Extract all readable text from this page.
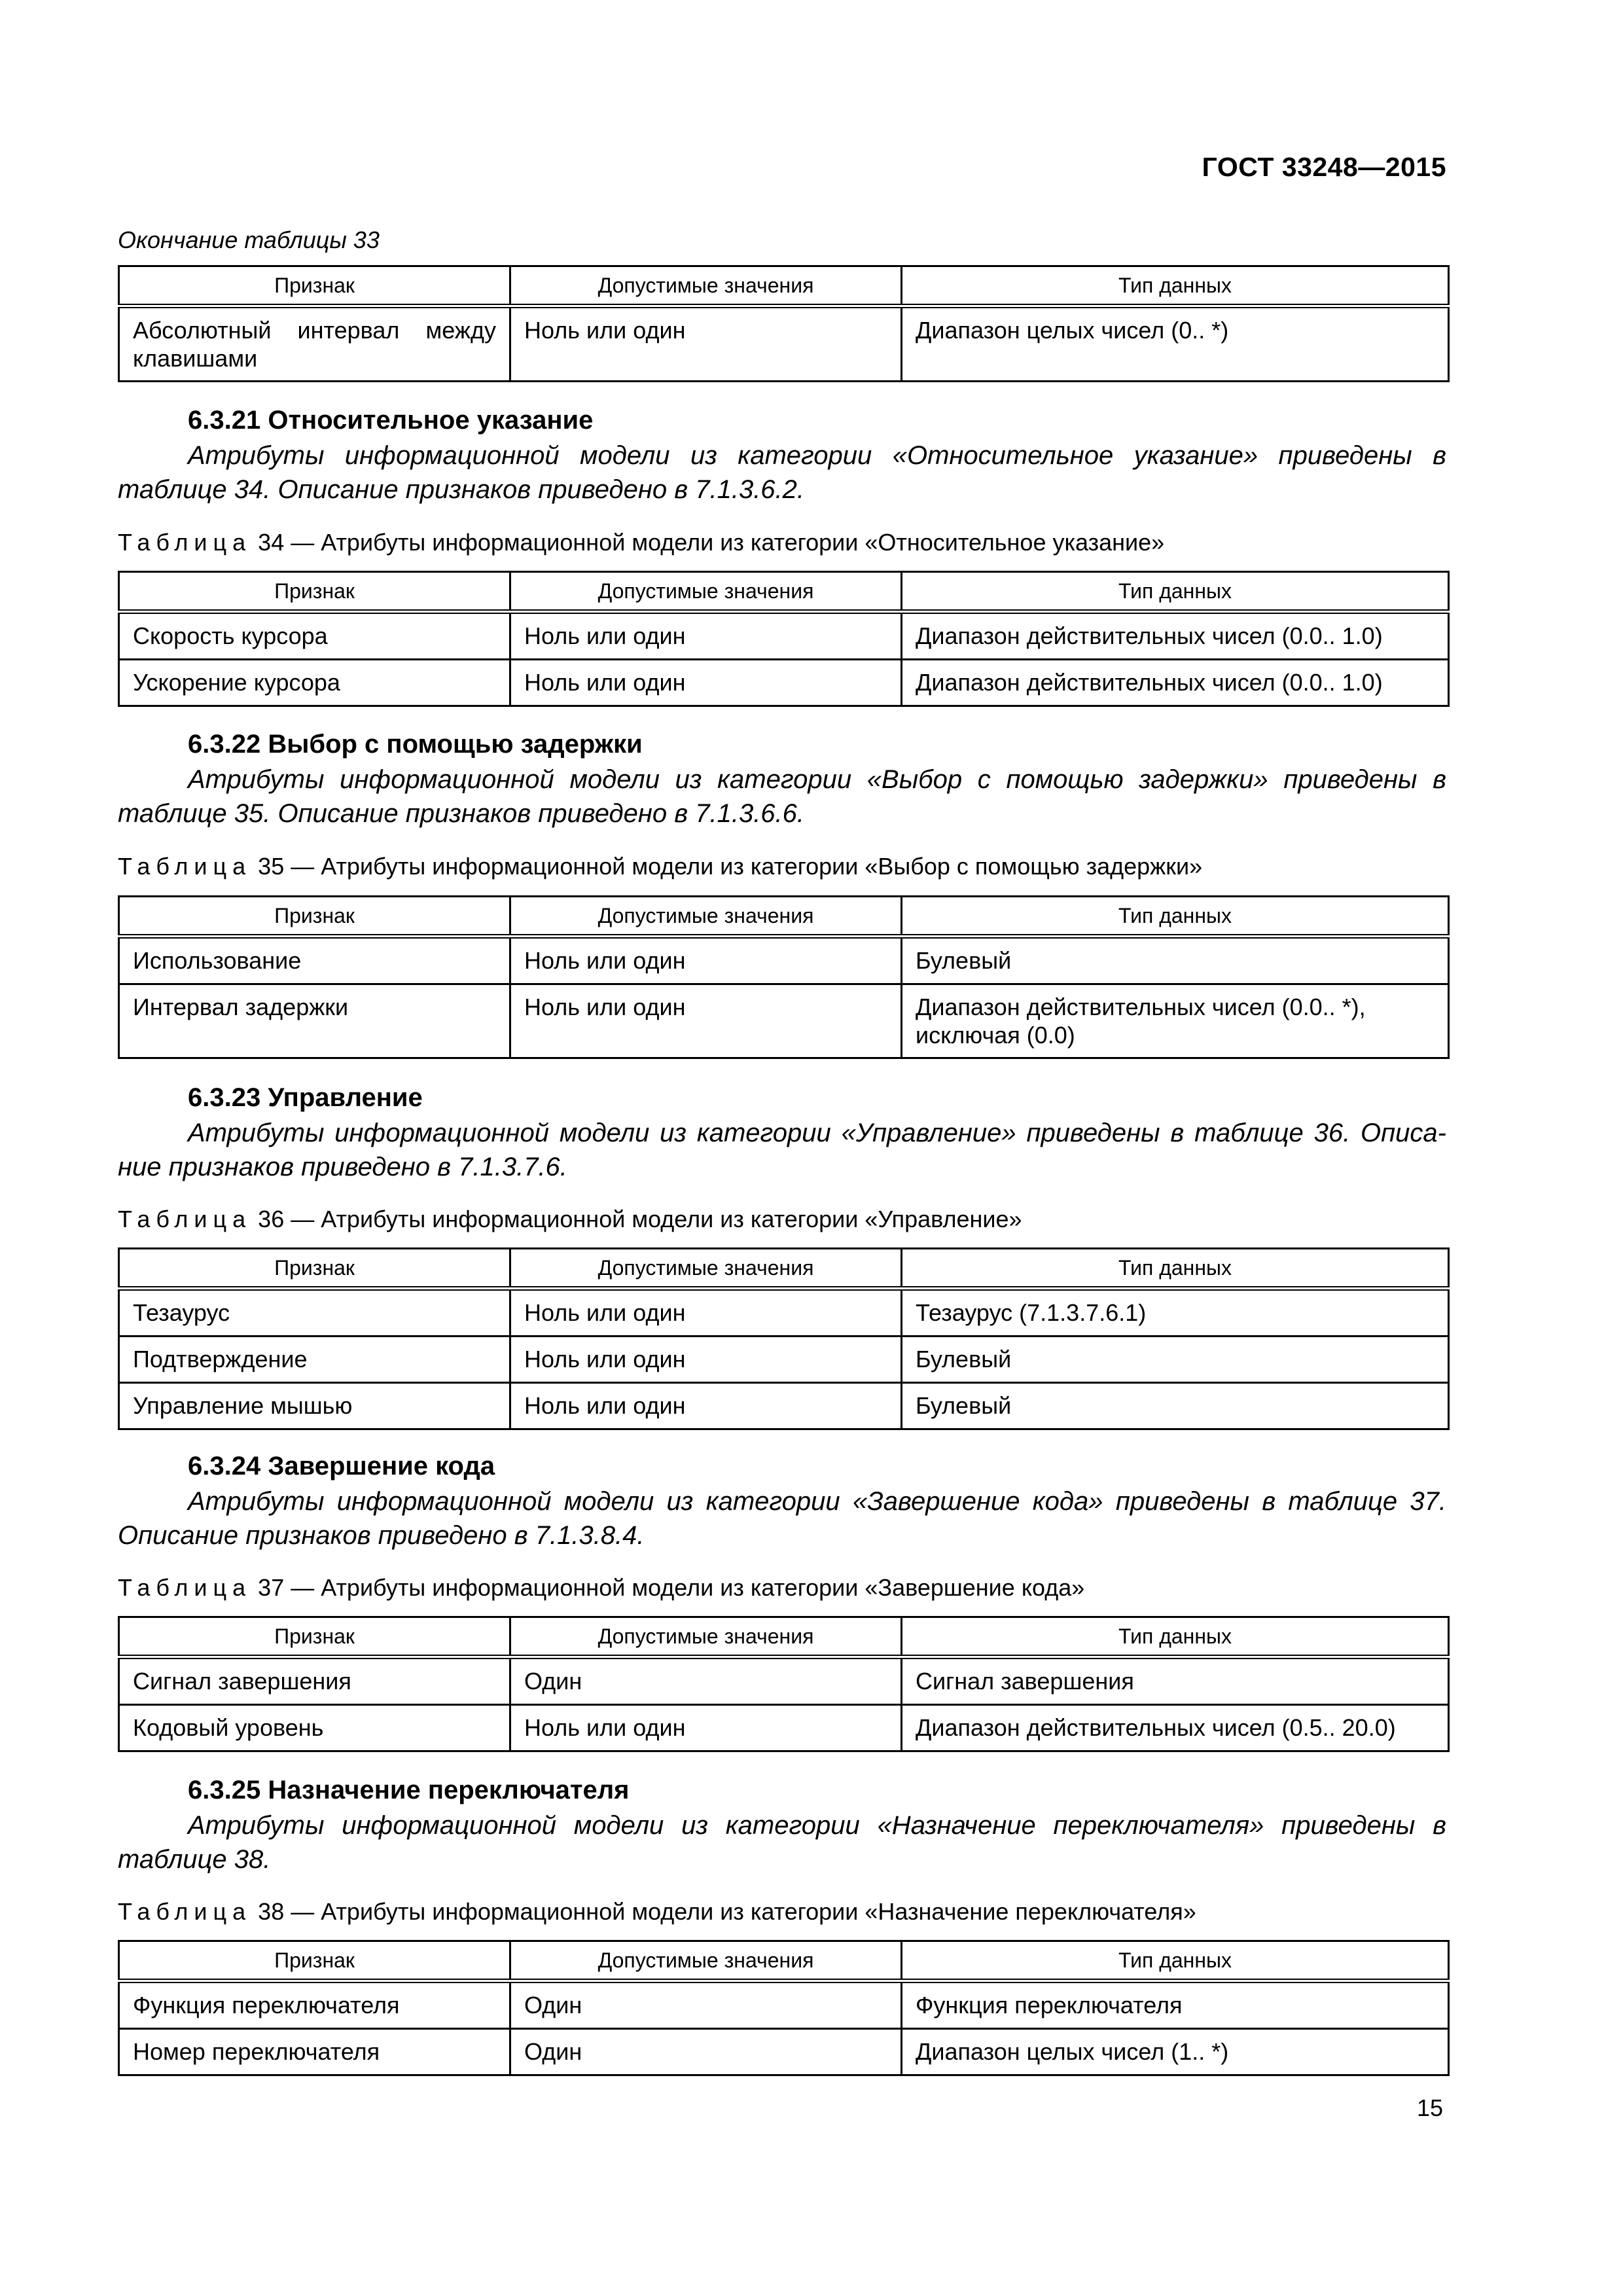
ГОСТ 33248—2015
Окончание таблицы 33
Признак	Допустимые значения	Тип данных

Абсолютный интервал между
клавишами	Ноль или один	Диапазон целых чисел (0.. *)
6.3.21 Относительное указание
Атрибуты информационной модели из категории «Относительное указание» приведены в таблице 34. Описание признаков приведено в 7.1.3.6.2.
Таблица 34 — Атрибуты информационной модели из категории «Относительное указание»
Признак	Допустимые значения	Тип данных
Скорость курсора	Ноль или один	Диапазон действительных чисел (0.0.. 1.0)
Ускорение курсора	Ноль или один	Диапазон действительных чисел (0.0.. 1.0)
6.3.22 Выбор с помощью задержки
Атрибуты информационной модели из категории «Выбор с помощью задержки» приведены в таблице 35. Описание признаков приведено в 7.1.3.6.6.
Таблица 35 — Атрибуты информационной модели из категории «Выбор с помощью задержки»
Признак	Допустимые значения	Тип данных
Использование	Ноль или один	Булевый
Интервал задержки	Ноль или один	Диапазон действительных чисел (0.0.. *),
исключая (0.0)
6.3.23 Управление
Атрибуты информационной модели из категории «Управление» приведены в таблице 36. Описа-ние признаков приведено в 7.1.3.7.6.
Таблица 36 — Атрибуты информационной модели из категории «Управление»
Признак	Допустимые значения	Тип данных
Тезаурус	Ноль или один	Тезаурус (7.1.3.7.6.1)
Подтверждение	Ноль или один	Булевый
Управление мышью	Ноль или один	Булевый
6.3.24 Завершение кода
Атрибуты информационной модели из категории «Завершение кода» приведены в таблице 37. Описание признаков приведено в 7.1.3.8.4.
Таблица 37 — Атрибуты информационной модели из категории «Завершение кода»
Признак	Допустимые значения	Тип данных
Сигнал завершения	Один	Сигнал завершения
Кодовый уровень	Ноль или один	Диапазон действительных чисел (0.5.. 20.0)
6.3.25 Назначение переключателя
Атрибуты информационной модели из категории «Назначение переключателя» приведены в таблице 38.
Таблица 38 — Атрибуты информационной модели из категории «Назначение переключателя»
Признак	Допустимые значения	Тип данных
Функция переключателя	Один	Функция переключателя
Номер переключателя	Один	Диапазон целых чисел (1.. *)
15
